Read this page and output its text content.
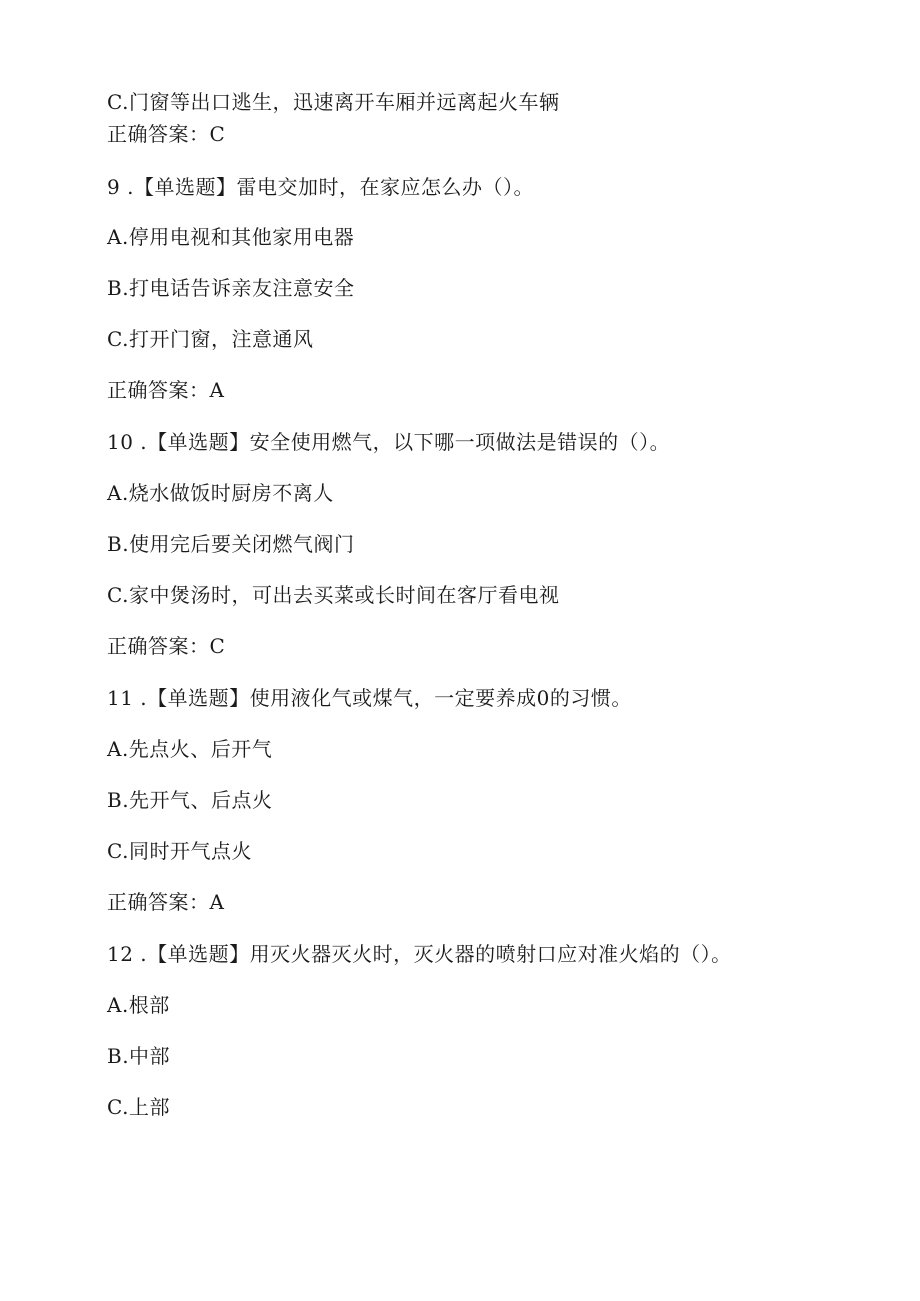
C.门窗等出口逃生，迅速离开车厢并远离起火车辆
正确答案：C
9 .【单选题】雷电交加时，在家应怎么办（）。
A.停用电视和其他家用电器
B.打电话告诉亲友注意安全
C.打开门窗，注意通风
正确答案：A
10 .【单选题】安全使用燃气，以下哪一项做法是错误的（）。
A.烧水做饭时厨房不离人
B.使用完后要关闭燃气阀门
C.家中煲汤时，可出去买菜或长时间在客厅看电视
正确答案：C
11 .【单选题】使用液化气或煤气，一定要养成0的习惯。
A.先点火、后开气
B.先开气、后点火
C.同时开气点火
正确答案：A
12 .【单选题】用灭火器灭火时，灭火器的喷射口应对准火焰的（）。
A.根部
B.中部
C.上部
